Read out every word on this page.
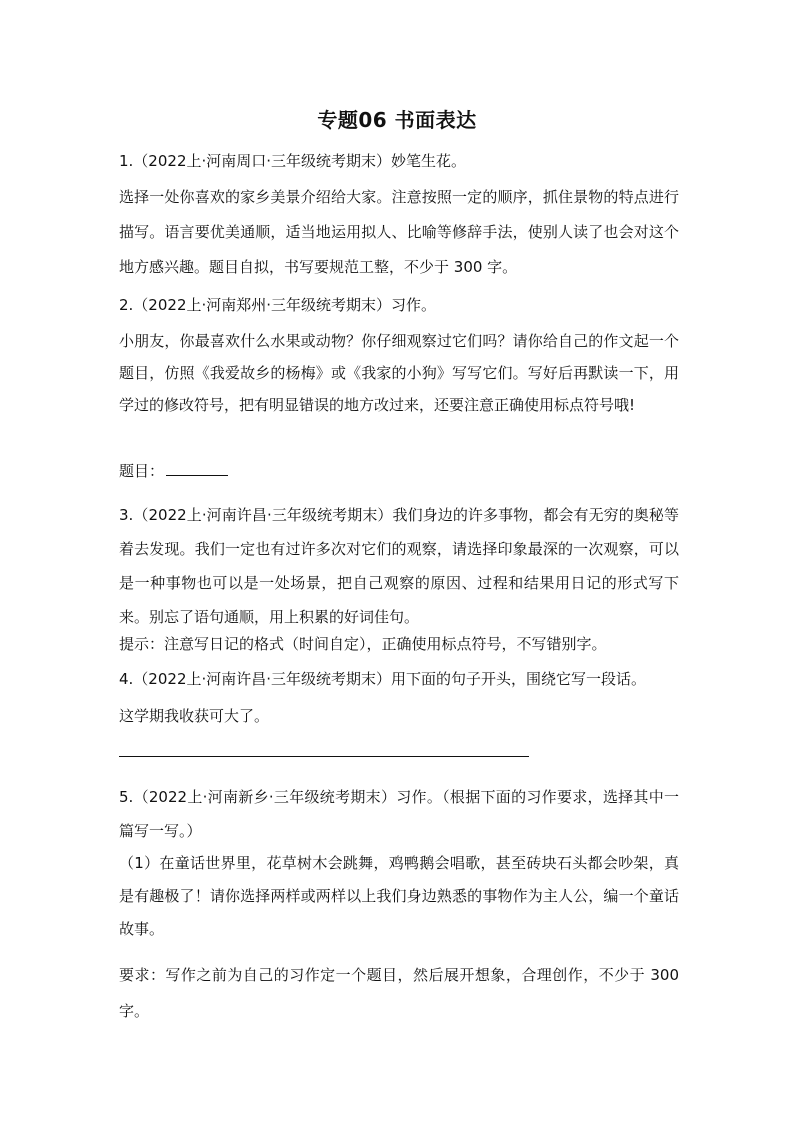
专题06 书面表达

1.（2022上·河南周口·三年级统考期末）妙笔生花。

选择一处你喜欢的家乡美景介绍给大家。注意按照一定的顺序，抓住景物的特点进行描写。语言要优美通顺，适当地运用拟人、比喻等修辞手法，使别人读了也会对这个地方感兴趣。题目自拟，书写要规范工整，不少于 300 字。

2.（2022上·河南郑州·三年级统考期末）习作。

小朋友，你最喜欢什么水果或动物？你仔细观察过它们吗？请你给自己的作文起一个题目，仿照《我爱故乡的杨梅》或《我家的小狗》写写它们。写好后再默读一下，用学过的修改符号，把有明显错误的地方改过来，还要注意正确使用标点符号哦!

题目：

3.（2022上·河南许昌·三年级统考期末）我们身边的许多事物，都会有无穷的奥秘等着去发现。我们一定也有过许多次对它们的观察，请选择印象最深的一次观察，可以是一种事物也可以是一处场景，把自己观察的原因、过程和结果用日记的形式写下来。别忘了语句通顺，用上积累的好词佳句。

提示：注意写日记的格式（时间自定），正确使用标点符号，不写错别字。

4.（2022上·河南许昌·三年级统考期末）用下面的句子开头，围绕它写一段话。

这学期我收获可大了。

5.（2022上·河南新乡·三年级统考期末）习作。（根据下面的习作要求，选择其中一篇写一写。）

（1）在童话世界里，花草树木会跳舞，鸡鸭鹅会唱歌，甚至砖块石头都会吵架，真是有趣极了！请你选择两样或两样以上我们身边熟悉的事物作为主人公，编一个童话故事。

要求：写作之前为自己的习作定一个题目，然后展开想象，合理创作，不少于 300 字。
